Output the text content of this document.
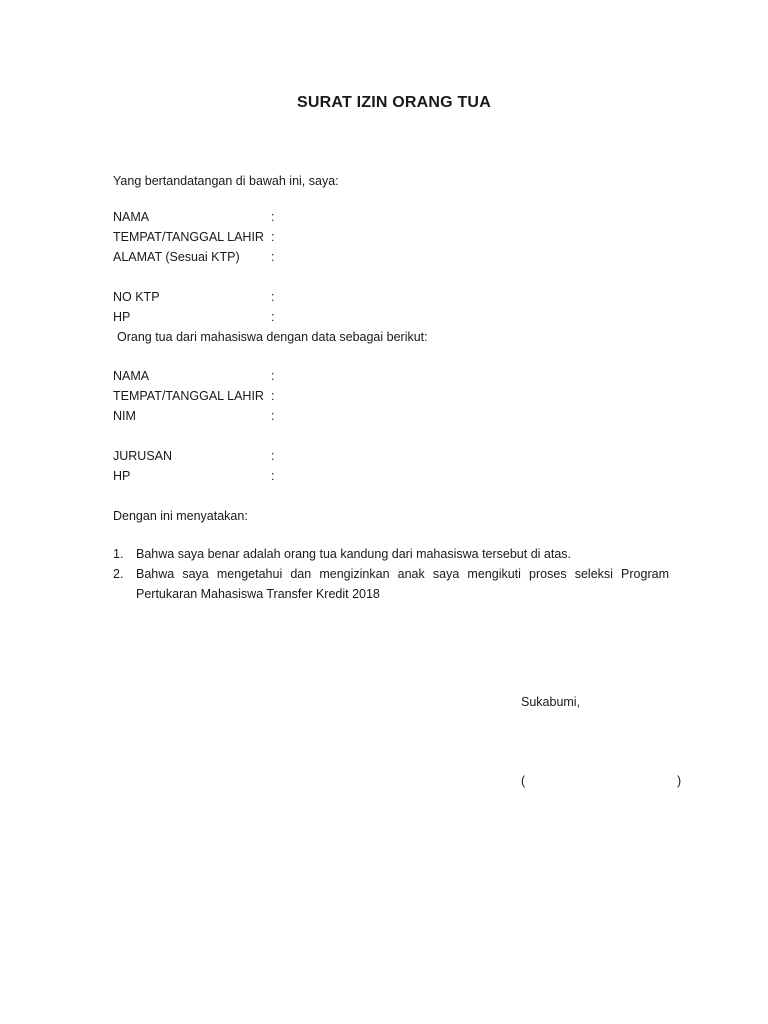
SURAT IZIN ORANG TUA
Yang bertandatangan di bawah ini, saya:
NAMA	:
TEMPAT/TANGGAL LAHIR :
ALAMAT (Sesuai KTP)	:
NO KTP	:
HP	:
Orang tua dari mahasiswa dengan data sebagai berikut:
NAMA	:
TEMPAT/TANGGAL LAHIR :
NIM	:
JURUSAN	:
HP	:
Dengan ini menyatakan:
1.	Bahwa saya benar adalah orang tua kandung dari mahasiswa tersebut di atas.
2.	Bahwa saya mengetahui dan mengizinkan anak saya mengikuti proses seleksi Program
Pertukaran Mahasiswa Transfer Kredit 2018
Sukabumi,
(	)
